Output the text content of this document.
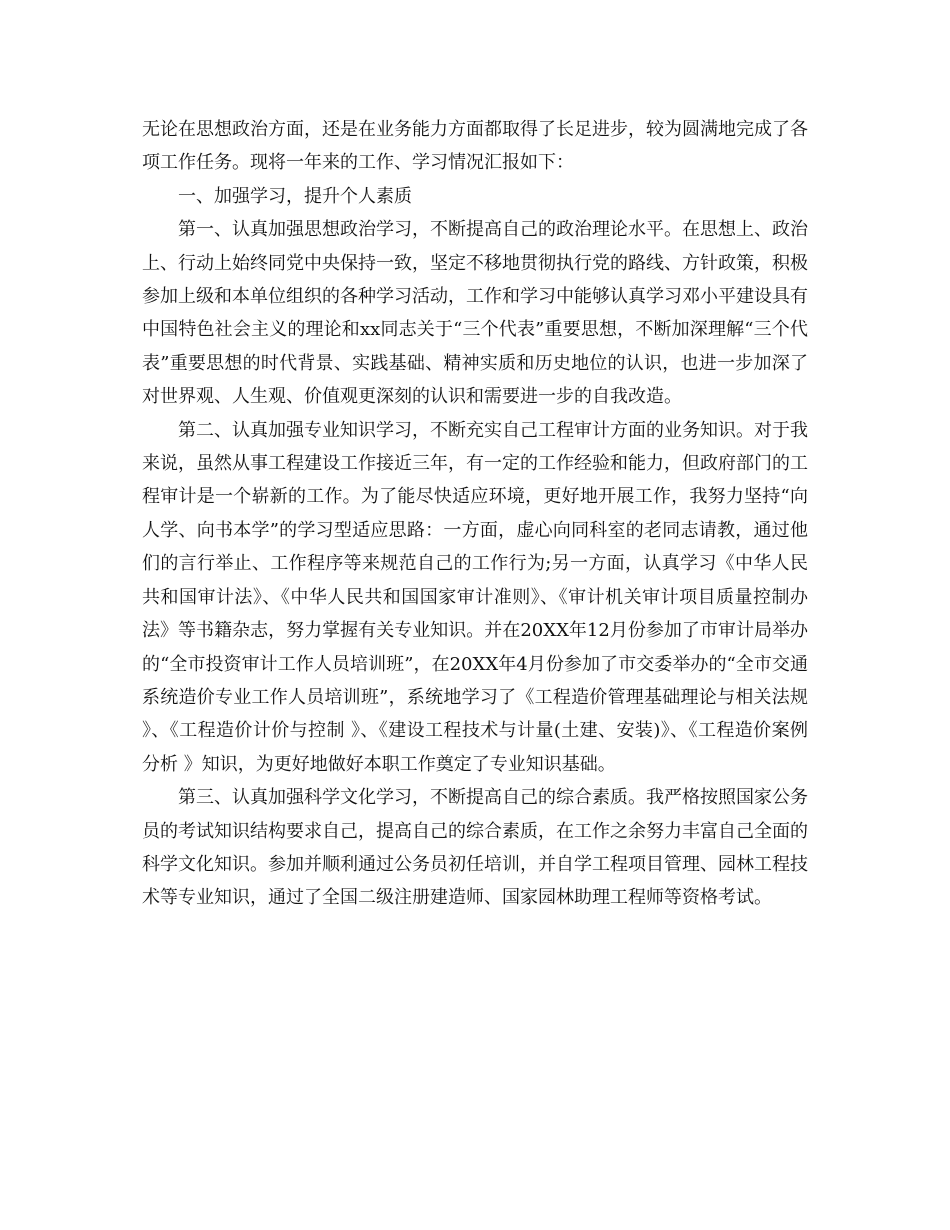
无论在思想政治方面，还是在业务能力方面都取得了长足进步，较为圆满地完成了各项工作任务。现将一年来的工作、学习情况汇报如下：

一、加强学习，提升个人素质

第一、认真加强思想政治学习，不断提高自己的政治理论水平。在思想上、政治上、行动上始终同党中央保持一致，坚定不移地贯彻执行党的路线、方针政策，积极参加上级和本单位组织的各种学习活动，工作和学习中能够认真学习邓小平建设具有中国特色社会主义的理论和xx同志关于“三个代表”重要思想，不断加深理解“三个代表”重要思想的时代背景、实践基础、精神实质和历史地位的认识，也进一步加深了对世界观、人生观、价值观更深刻的认识和需要进一步的自我改造。

第二、认真加强专业知识学习，不断充实自己工程审计方面的业务知识。对于我来说，虽然从事工程建设工作接近三年，有一定的工作经验和能力，但政府部门的工程审计是一个崭新的工作。为了能尽快适应环境，更好地开展工作，我努力坚持“向人学、向书本学”的学习型适应思路：一方面，虚心向同科室的老同志请教，通过他们的言行举止、工作程序等来规范自己的工作行为;另一方面，认真学习《中华人民共和国审计法》、《中华人民共和国国家审计准则》、《审计机关审计项目质量控制办法》等书籍杂志，努力掌握有关专业知识。并在20XX年12月份参加了市审计局举办的“全市投资审计工作人员培训班”，在20XX年4月份参加了市交委举办的“全市交通系统造价专业工作人员培训班”，系统地学习了《工程造价管理基础理论与相关法规 》、《工程造价计价与控制 》、《建设工程技术与计量(土建、安装)》、《工程造价案例分析 》知识，为更好地做好本职工作奠定了专业知识基础。

第三、认真加强科学文化学习，不断提高自己的综合素质。我严格按照国家公务员的考试知识结构要求自己，提高自己的综合素质，在工作之余努力丰富自己全面的科学文化知识。参加并顺利通过公务员初任培训，并自学工程项目管理、园林工程技术等专业知识，通过了全国二级注册建造师、国家园林助理工程师等资格考试。
